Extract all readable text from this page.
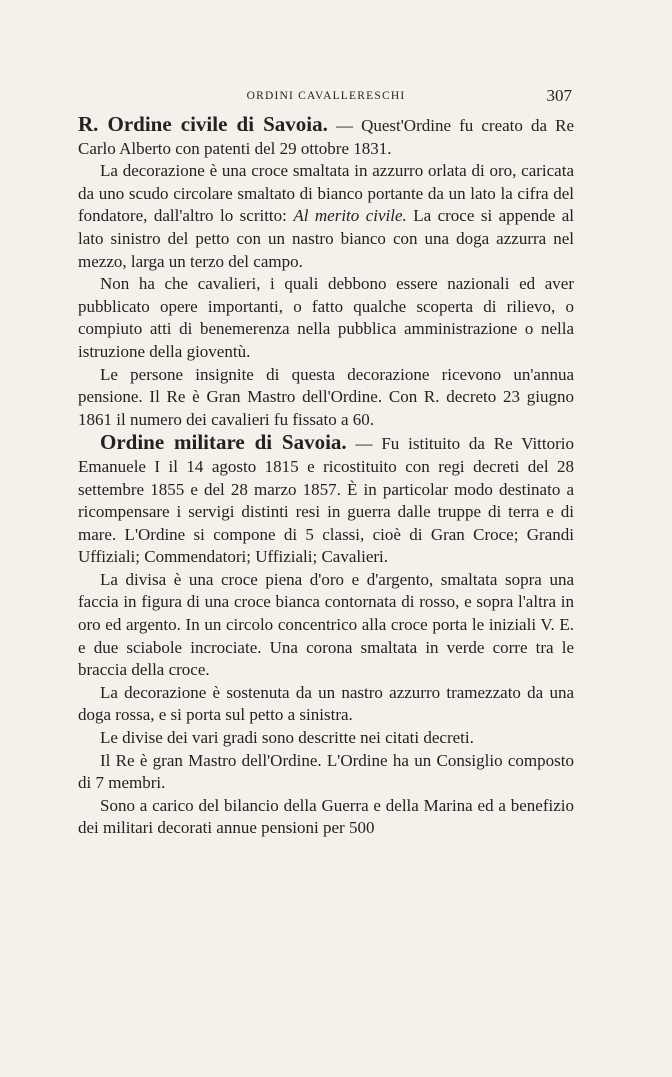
ORDINI CAVALLERESCHI	307

R. Ordine civile di Savoia. — Quest'Ordine fu creato da Re Carlo Alberto con patenti del 29 ottobre 1831.

La decorazione è una croce smaltata in azzurro orlata di oro, caricata da uno scudo circolare smaltato di bianco portante da un lato la cifra del fondatore, dall'altro lo scritto: Al merito civile. La croce si appende al lato sinistro del petto con un nastro bianco con una doga azzurra nel mezzo, larga un terzo del campo.

Non ha che cavalieri, i quali debbono essere nazionali ed aver pubblicato opere importanti, o fatto qualche scoperta di rilievo, o compiuto atti di benemerenza nella pubblica amministrazione o nella istruzione della gioventù.

Le persone insignite di questa decorazione ricevono un'annua pensione. Il Re è Gran Mastro dell'Ordine. Con R. decreto 23 giugno 1861 il numero dei cavalieri fu fissato a 60.

Ordine militare di Savoia. — Fu istituito da Re Vittorio Emanuele I il 14 agosto 1815 e ricostituito con regi decreti del 28 settembre 1855 e del 28 marzo 1857. È in particolar modo destinato a ricompensare i servigi distinti resi in guerra dalle truppe di terra e di mare. L'Ordine si compone di 5 classi, cioè di Gran Croce; Grandi Uffiziali; Commendatori; Uffiziali; Cavalieri.

La divisa è una croce piena d'oro e d'argento, smaltata sopra una faccia in figura di una croce bianca contornata di rosso, e sopra l'altra in oro ed argento. In un circolo concentrico alla croce porta le iniziali V. E. e due sciabole incrociate. Una corona smaltata in verde corre tra le braccia della croce.

La decorazione è sostenuta da un nastro azzurro tramezzato da una doga rossa, e si porta sul petto a sinistra.

Le divise dei vari gradi sono descritte nei citati decreti.

Il Re è gran Mastro dell'Ordine. L'Ordine ha un Consiglio composto di 7 membri.

Sono a carico del bilancio della Guerra e della Marina ed a benefizio dei militari decorati annue pensioni per 500
